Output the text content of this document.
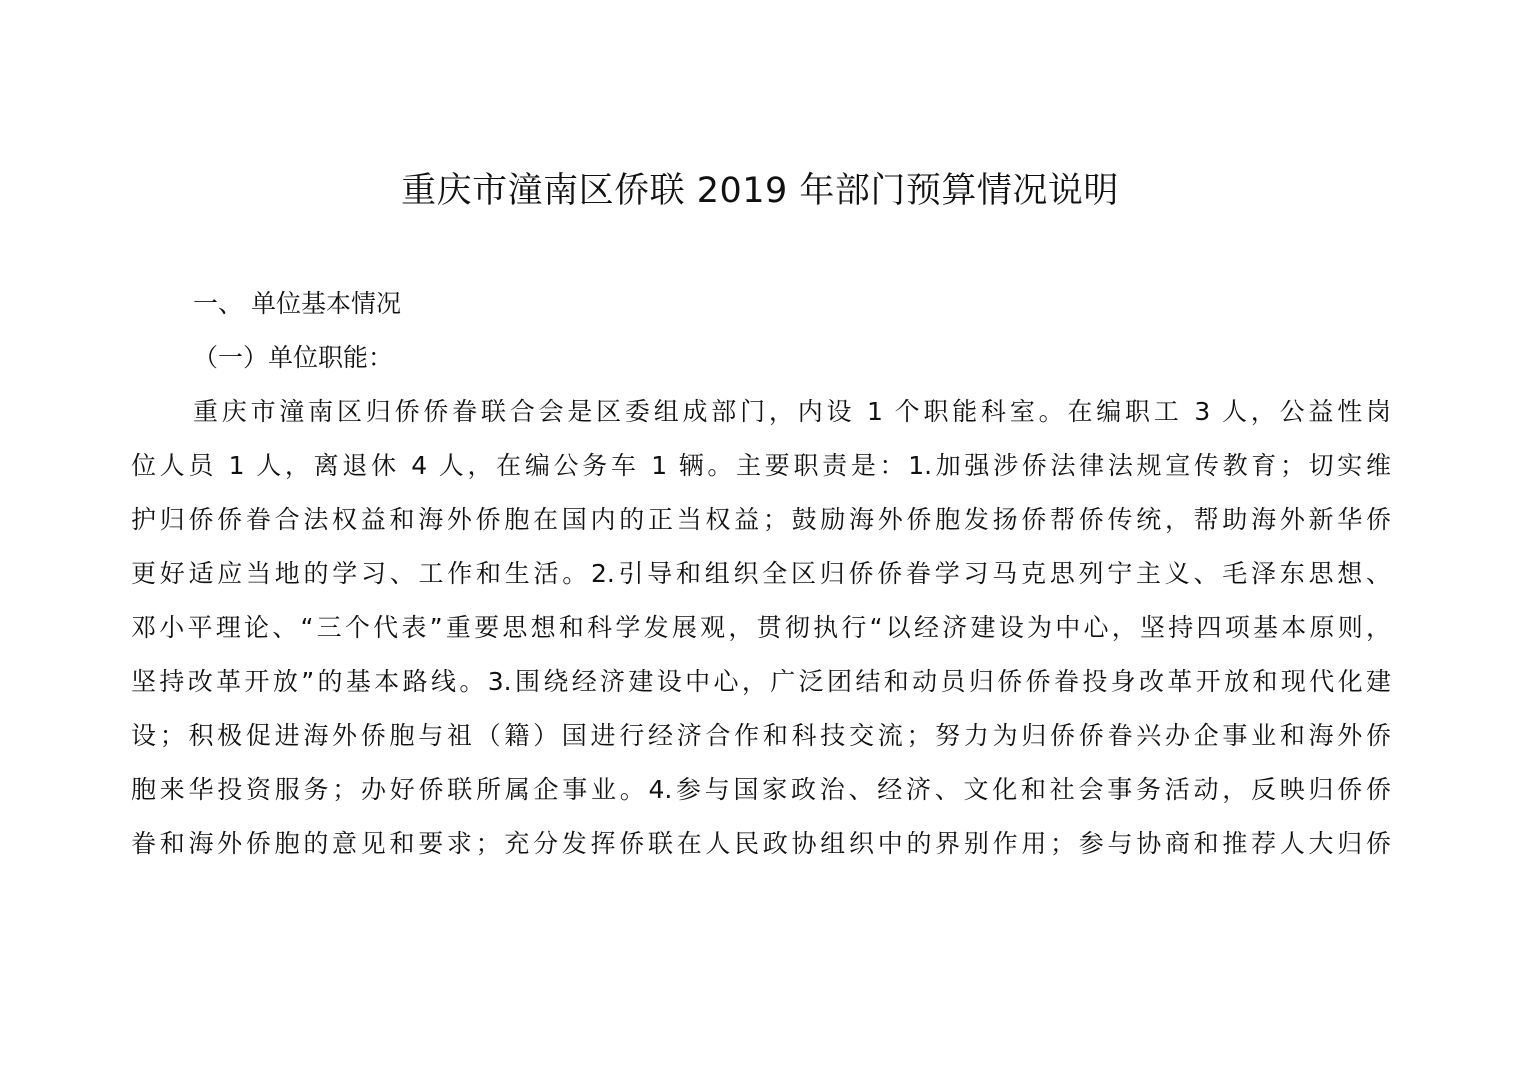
重庆市潼南区侨联 2019 年部门预算情况说明

一、 单位基本情况

（一）单位职能：

重庆市潼南区归侨侨眷联合会是区委组成部门，内设 1 个职能科室。在编职工 3 人，公益性岗
位人员 1 人，离退休 4 人，在编公务车 1 辆。主要职责是：1.加强涉侨法律法规宣传教育；切实维
护归侨侨眷合法权益和海外侨胞在国内的正当权益；鼓励海外侨胞发扬侨帮侨传统，帮助海外新华侨
更好适应当地的学习、工作和生活。2.引导和组织全区归侨侨眷学习马克思列宁主义、毛泽东思想、
邓小平理论、“三个代表”重要思想和科学发展观，贯彻执行“以经济建设为中心，坚持四项基本原则，
坚持改革开放”的基本路线。3.围绕经济建设中心，广泛团结和动员归侨侨眷投身改革开放和现代化建
设；积极促进海外侨胞与祖（籍）国进行经济合作和科技交流；努力为归侨侨眷兴办企事业和海外侨
胞来华投资服务；办好侨联所属企事业。4.参与国家政治、经济、文化和社会事务活动，反映归侨侨
眷和海外侨胞的意见和要求；充分发挥侨联在人民政协组织中的界别作用；参与协商和推荐人大归侨
